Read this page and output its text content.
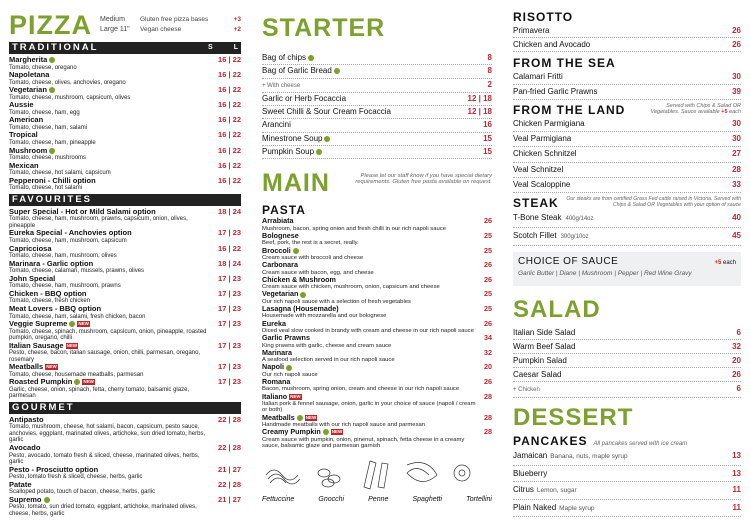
PIZZA Medium
Large 11"
Gluten free pizza bases
Vegan cheese
+3
+2
TRADITIONAL	S	L
Margherita	16 | 22
Tomato, cheese, oregano
Napoletana	16 | 22
Tomato, cheese, olives, anchovies, oregano
Vegetarian	16 | 22
Tomato, cheese, mushroom, capsicum, olives
Aussie	16 | 22
Tomato, cheese, ham, egg
American	16 | 22
Tomato, cheese, ham, salami
Tropical	16 | 22
Tomato, cheese, ham, pineapple
Mushroom	16 | 22
Tomato, cheese, mushrooms
Mexican	16 | 22
Tomato, cheese, hot salami, capsicum
Pepperoni - Chilli option	16 | 22
Tomato, cheese, hot salami
FAVOURITES
Super Special - Hot or Mild Salami option	18 | 24
Tomato, cheese, ham, mushroom, prawns, capsicum, onion, olives, pineapple
Eureka Special - Anchovies option	17 | 23
Tomato, cheese, ham, mushroom, capsicum
Capricciosa	16 | 22
Tomato, cheese, ham, mushroom, olives
Marinara - Garlic option	18 | 24
Tomato, cheese, calamari, mussels, prawns, olives
John Special	17 | 23
Tomato, cheese, ham, mushroom, prawns
Chicken - BBQ option	17 | 23
Tomato, cheese, fresh chicken
Meat Lovers - BBQ option	17 | 23
Tomato, cheese, ham, salami, fresh chicken, bacon
Veggie Supreme NEW	17 | 23
Tomato, cheese, spinach, mushroom, capsicum, onion, pineapple, roasted pumpkin, oregano, chilli
Italian Sausage NEW	17 | 23
Pesto, cheese, bacon, italian sausage, onion, chilli, parmesan, oregano, rosemary
Meatballs NEW	17 | 23
Tomato, cheese, housemade meatballs, parmesan
Roasted Pumpkin NEW	17 | 23
Garlic, cheese, onion, spinach, fetta, cherry tomato, balsamic glaze, parmesan
GOURMET
Antipasto	22 | 28
Tomato, mushroom, cheese, hot salami, bacon, capsicum, pesto sauce, anchovies, eggplant, marinated olives, artichoke, sun dried tomato, herbs, garlic
Avocado	22 | 28
Pesto, avocado, tomato fresh & sliced, cheese, marinated olives, herbs, garlic
Pesto - Prosciutto option	21 | 27
Pesto, tomato fresh & sliced, cheese, herbs, garlic
Patate	22 | 28
Scalloped potato, touch of bacon, cheese, herbs, garlic
Supremo	21 | 27
Pesto, tomato, sun dried tomato, eggplant, artichoke, marinated olives, cheese, herbs, garlic
STARTER
Bag of chips	8
Bag of Garlic Bread	8
+ With cheese	2
Garlic or Herb Focaccia	12 | 18
Sweet Chilli & Sour Cream Focaccia	12 | 18
Arancini	16
Minestrone Soup	15
Pumpkin Soup	15
MAIN	Please let our staff know if you have special dietary requirements. Gluten free pasta available on request.
PASTA
Arrabiata	26
Mushroom, bacon, spring onion and fresh chilli in our rich napoli sauce
Bolognese	25
Beef, pork, the rest is a secret, really.
Broccoli	25
Cream sauce with broccoli and cheese
Carbonara	26
Cream sauce with bacon, egg, and cheese
Chicken & Mushroom	26
Cream sauce with chicken, mushroom, onion, capsicum and cheese
Vegetarian	25
Our rich napoli sauce with a selection of fresh vegetables
Lasagna (Housemade)	25
Housemade with mozzarella and our bolognese
Eureka	26
Diced veal slow cooked in brandy with cream and cheese in our rich napoli sauce
Garlic Prawns	34
King prawns with garlic, cheese and cream sauce
Marinara	32
A seafood selection served in our rich napoli sauce
Napoli	20
Our rich napoli sauce
Romana	26
Bacon, mushroom, spring onion, cream and cheese in our rich napoli sauce
Italiano NEW	28
Italian pork & fennel sausage, onion, garlic in your choice of sauce (napoli / cream or both)
Meatballs NEW	28
Handmade meatballs with our rich napoli sauce and parmesan
Creamy Pumpkin NEW	28
Cream sauce with pumpkin, onion, pinenut, spinach, fetta cheese in a creamy sauce, balsamic glaze and parmesan garnish
Fettuccine	Gnocchi	Penne	Spaghetti	Tortellini
RISOTTO
Primavera	26
Chicken and Avocado	26
FROM THE SEA
Calamari Fritti	30
Pan-fried Garlic Prawns	39
FROM THE LAND	Served with Chips & Salad OR Vegetables. Sauce available +5 each
Chicken Parmigiana	30
Veal Parmigiana	30
Chicken Schnitzel	27
Veal Schnitzel	28
Veal Scaloppine	33
STEAK	Our steaks are from certified Grass Fed cattle raised in Victoria. Served with Chips & Salad OR Vegetables with your option of sauce
T-Bone Steak 400g/14oz	40
Scotch Fillet 300g/10oz	45
CHOICE OF SAUCE	+5 each
Garlic Butter | Diane | Mushroom | Pepper | Red Wine Gravy
SALAD
Italian Side Salad	6
Warm Beef Salad	32
Pumpkin Salad	20
Caesar Salad	26
+ Chicken	6
DESSERT
PANCAKES All pancakes served with ice cream
Jamaican Banana, nuts, maple syrup	13
Blueberry	13
Citrus Lemon, sugar	11
Plain Naked Maple syrup	11
